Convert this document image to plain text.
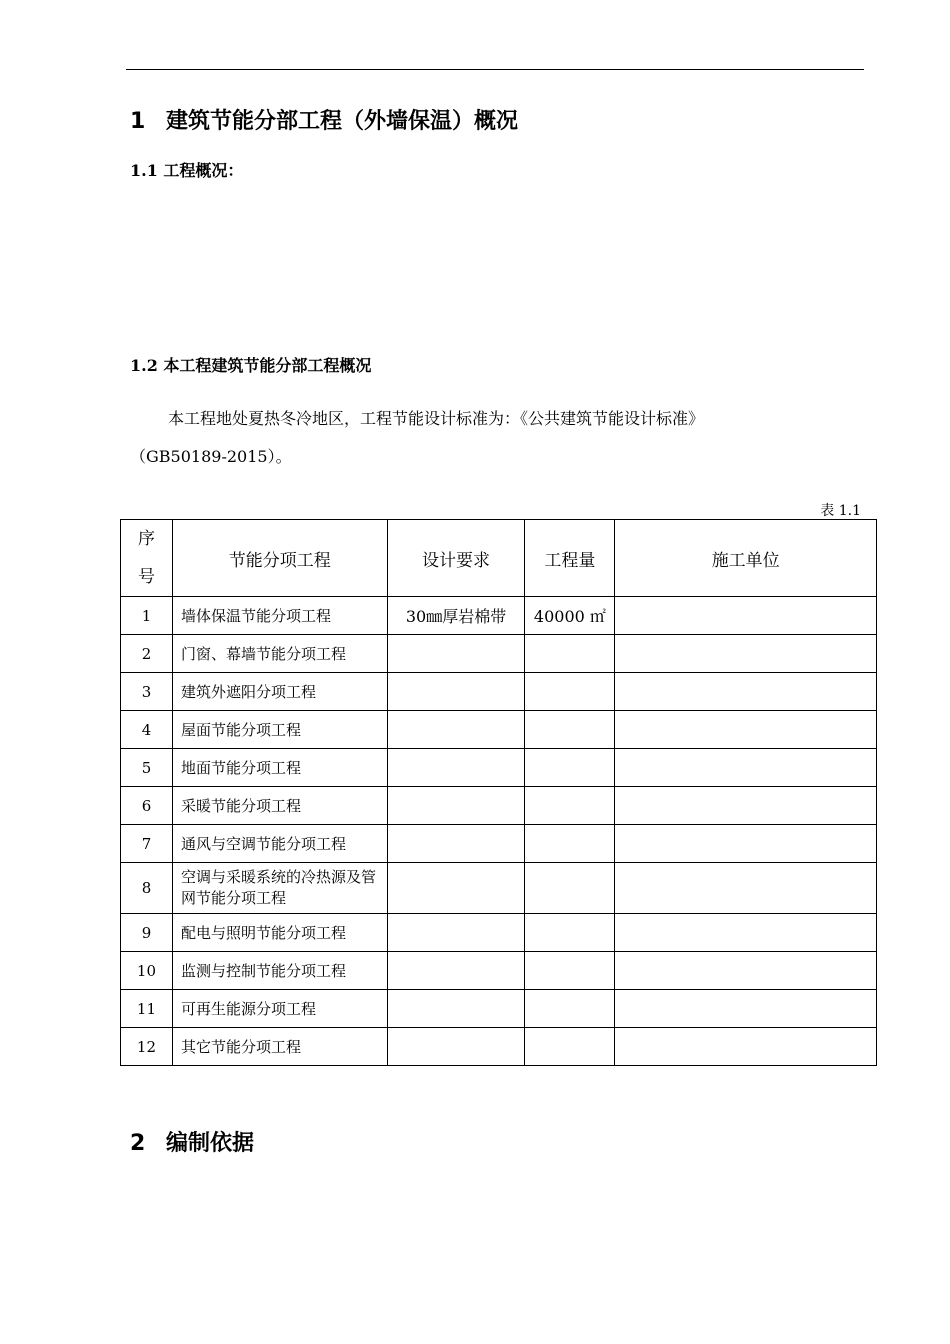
1 建筑节能分部工程（外墙保温）概况
1.1 工程概况：
1.2 本工程建筑节能分部工程概况
本工程地处夏热冬冷地区，工程节能设计标准为：《公共建筑节能设计标准》
（GB50189-2015）。
表 1.1
序
号	节能分项工程	设计要求	工程量	施工单位
1	墙体保温节能分项工程	30㎜厚岩棉带	40000 ㎡	
2	门窗、幕墙节能分项工程			
3	建筑外遮阳分项工程			
4	屋面节能分项工程			
5	地面节能分项工程			
6	采暖节能分项工程			
7	通风与空调节能分项工程			
8	空调与采暖系统的冷热源及管网节能分项工程			
9	配电与照明节能分项工程			
10	监测与控制节能分项工程			
11	可再生能源分项工程			
12	其它节能分项工程			
2 编制依据
